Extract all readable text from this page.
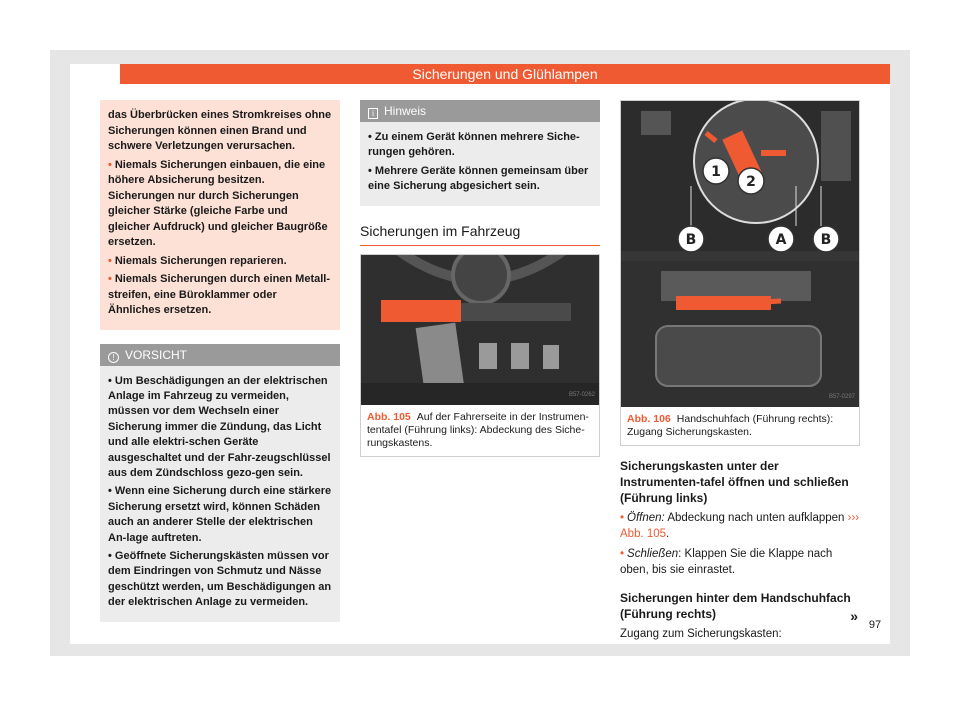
Sicherungen und Glühlampen

das Überbrücken eines Stromkreises ohne Sicherungen können einen Brand und schwere Verletzungen verursachen.

• Niemals Sicherungen einbauen, die eine höhere Absicherung besitzen. Sicherungen nur durch Sicherungen gleicher Stärke (gleiche Farbe und gleicher Aufdruck) und gleicher Baugröße ersetzen.

• Niemals Sicherungen reparieren.

• Niemals Sicherungen durch einen Metall-streifen, eine Büroklammer oder Ähnliches ersetzen.

! VORSICHT

• Um Beschädigungen an der elektrischen Anlage im Fahrzeug zu vermeiden, müssen vor dem Wechseln einer Sicherung immer die Zündung, das Licht und alle elektri-schen Geräte ausgeschaltet und der Fahr-zeugschlüssel aus dem Zündschloss gezo-gen sein.

• Wenn eine Sicherung durch eine stärkere Sicherung ersetzt wird, können Schäden auch an anderer Stelle der elektrischen An-lage auftreten.

• Geöffnete Sicherungskästen müssen vor dem Eindringen von Schmutz und Nässe geschützt werden, um Beschädigungen an der elektrischen Anlage zu vermeiden.

i Hinweis

• Zu einem Gerät können mehrere Siche-rungen gehören.

• Mehrere Geräte können gemeinsam über eine Sicherung abgesichert sein.

Sicherungen im Fahrzeug
B57-0262
Abb. 105 Auf der Fahrerseite in der Instrumen-tentafel (Führung links): Abdeckung des Siche-rungskastens.
1
2
B	A B
B57-0297
Abb. 106 Handschuhfach (Führung rechts): Zugang Sicherungskasten.
Sicherungskasten unter der Instrumenten-tafel öffnen und schließen (Führung links)
• Öffnen: Abdeckung nach unten aufklappen ››› Abb. 105.
• Schließen: Klappen Sie die Klappe nach oben, bis sie einrastet.
Sicherungen hinter dem Handschuhfach (Führung rechts)
Zugang zum Sicherungskasten:
»
97
